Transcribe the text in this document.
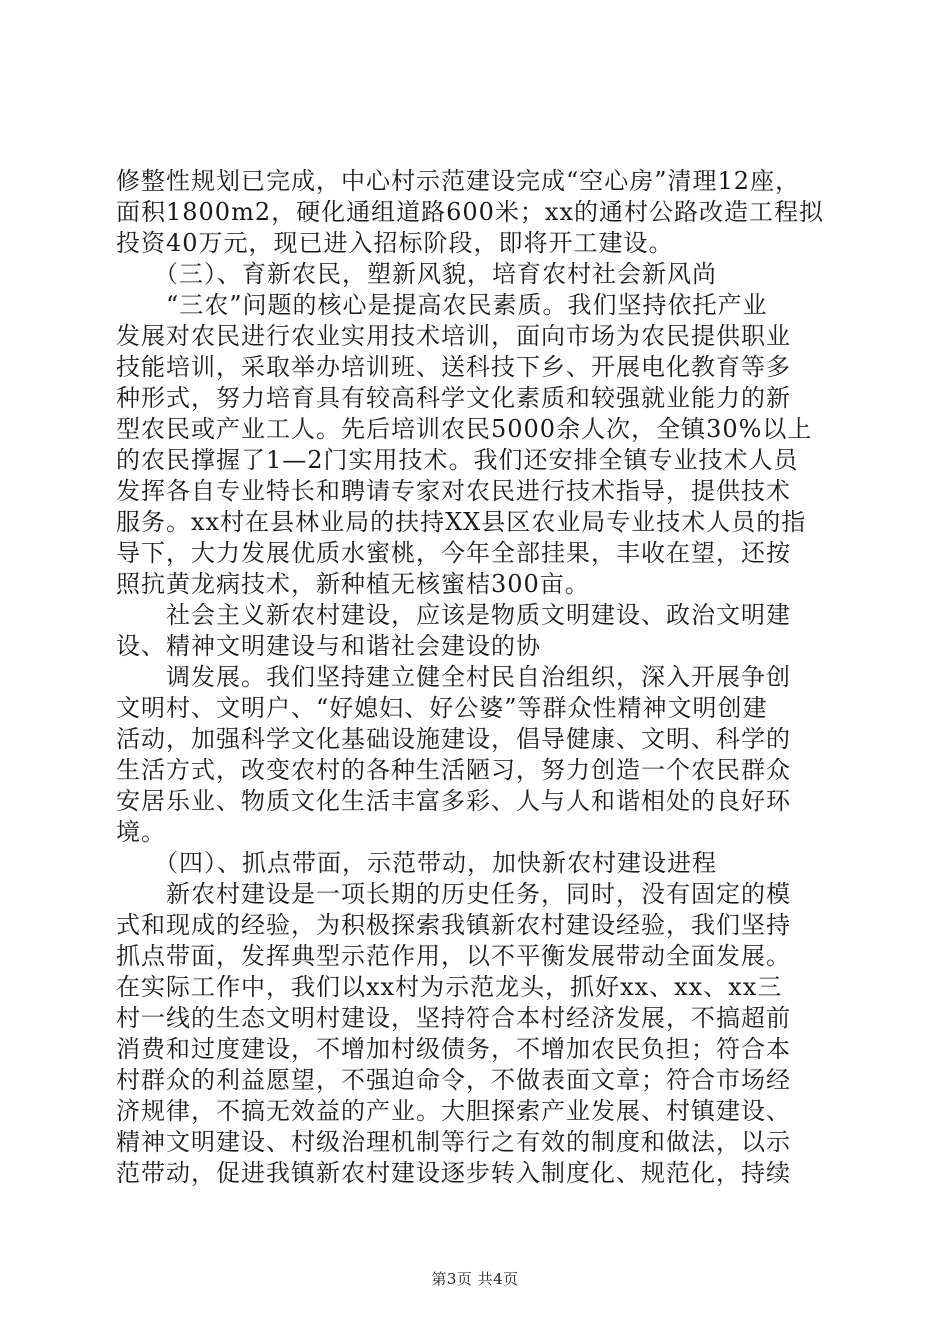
修整性规划已完成，中心村示范建设完成“空心房”清理12座，
面积1800m2，硬化通组道路600米；xx的通村公路改造工程拟
投资40万元，现已进入招标阶段，即将开工建设。
　　（三）、育新农民，塑新风貌，培育农村社会新风尚
　　“三农”问题的核心是提高农民素质。我们坚持依托产业
发展对农民进行农业实用技术培训，面向市场为农民提供职业
技能培训，采取举办培训班、送科技下乡、开展电化教育等多
种形式，努力培育具有较高科学文化素质和较强就业能力的新
型农民或产业工人。先后培训农民5000余人次，全镇30%以上
的农民撑握了1—2门实用技术。我们还安排全镇专业技术人员
发挥各自专业特长和聘请专家对农民进行技术指导，提供技术
服务。xx村在县林业局的扶持XX县区农业局专业技术人员的指
导下，大力发展优质水蜜桃，今年全部挂果，丰收在望，还按
照抗黄龙病技术，新种植无核蜜桔300亩。
　　社会主义新农村建设，应该是物质文明建设、政治文明建
设、精神文明建设与和谐社会建设的协
　　调发展。我们坚持建立健全村民自治组织，深入开展争创
文明村、文明户、“好媳妇、好公婆”等群众性精神文明创建
活动，加强科学文化基础设施建设，倡导健康、文明、科学的
生活方式，改变农村的各种生活陋习，努力创造一个农民群众
安居乐业、物质文化生活丰富多彩、人与人和谐相处的良好环
境。
　　（四）、抓点带面，示范带动，加快新农村建设进程
　　新农村建设是一项长期的历史任务，同时，没有固定的模
式和现成的经验，为积极探索我镇新农村建设经验，我们坚持
抓点带面，发挥典型示范作用，以不平衡发展带动全面发展。
在实际工作中，我们以xx村为示范龙头，抓好xx、xx、xx三
村一线的生态文明村建设，坚持符合本村经济发展，不搞超前
消费和过度建设，不增加村级债务，不增加农民负担；符合本
村群众的利益愿望，不强迫命令，不做表面文章；符合市场经
济规律，不搞无效益的产业。大胆探索产业发展、村镇建设、
精神文明建设、村级治理机制等行之有效的制度和做法，以示
范带动，促进我镇新农村建设逐步转入制度化、规范化，持续
第3页 共4页
